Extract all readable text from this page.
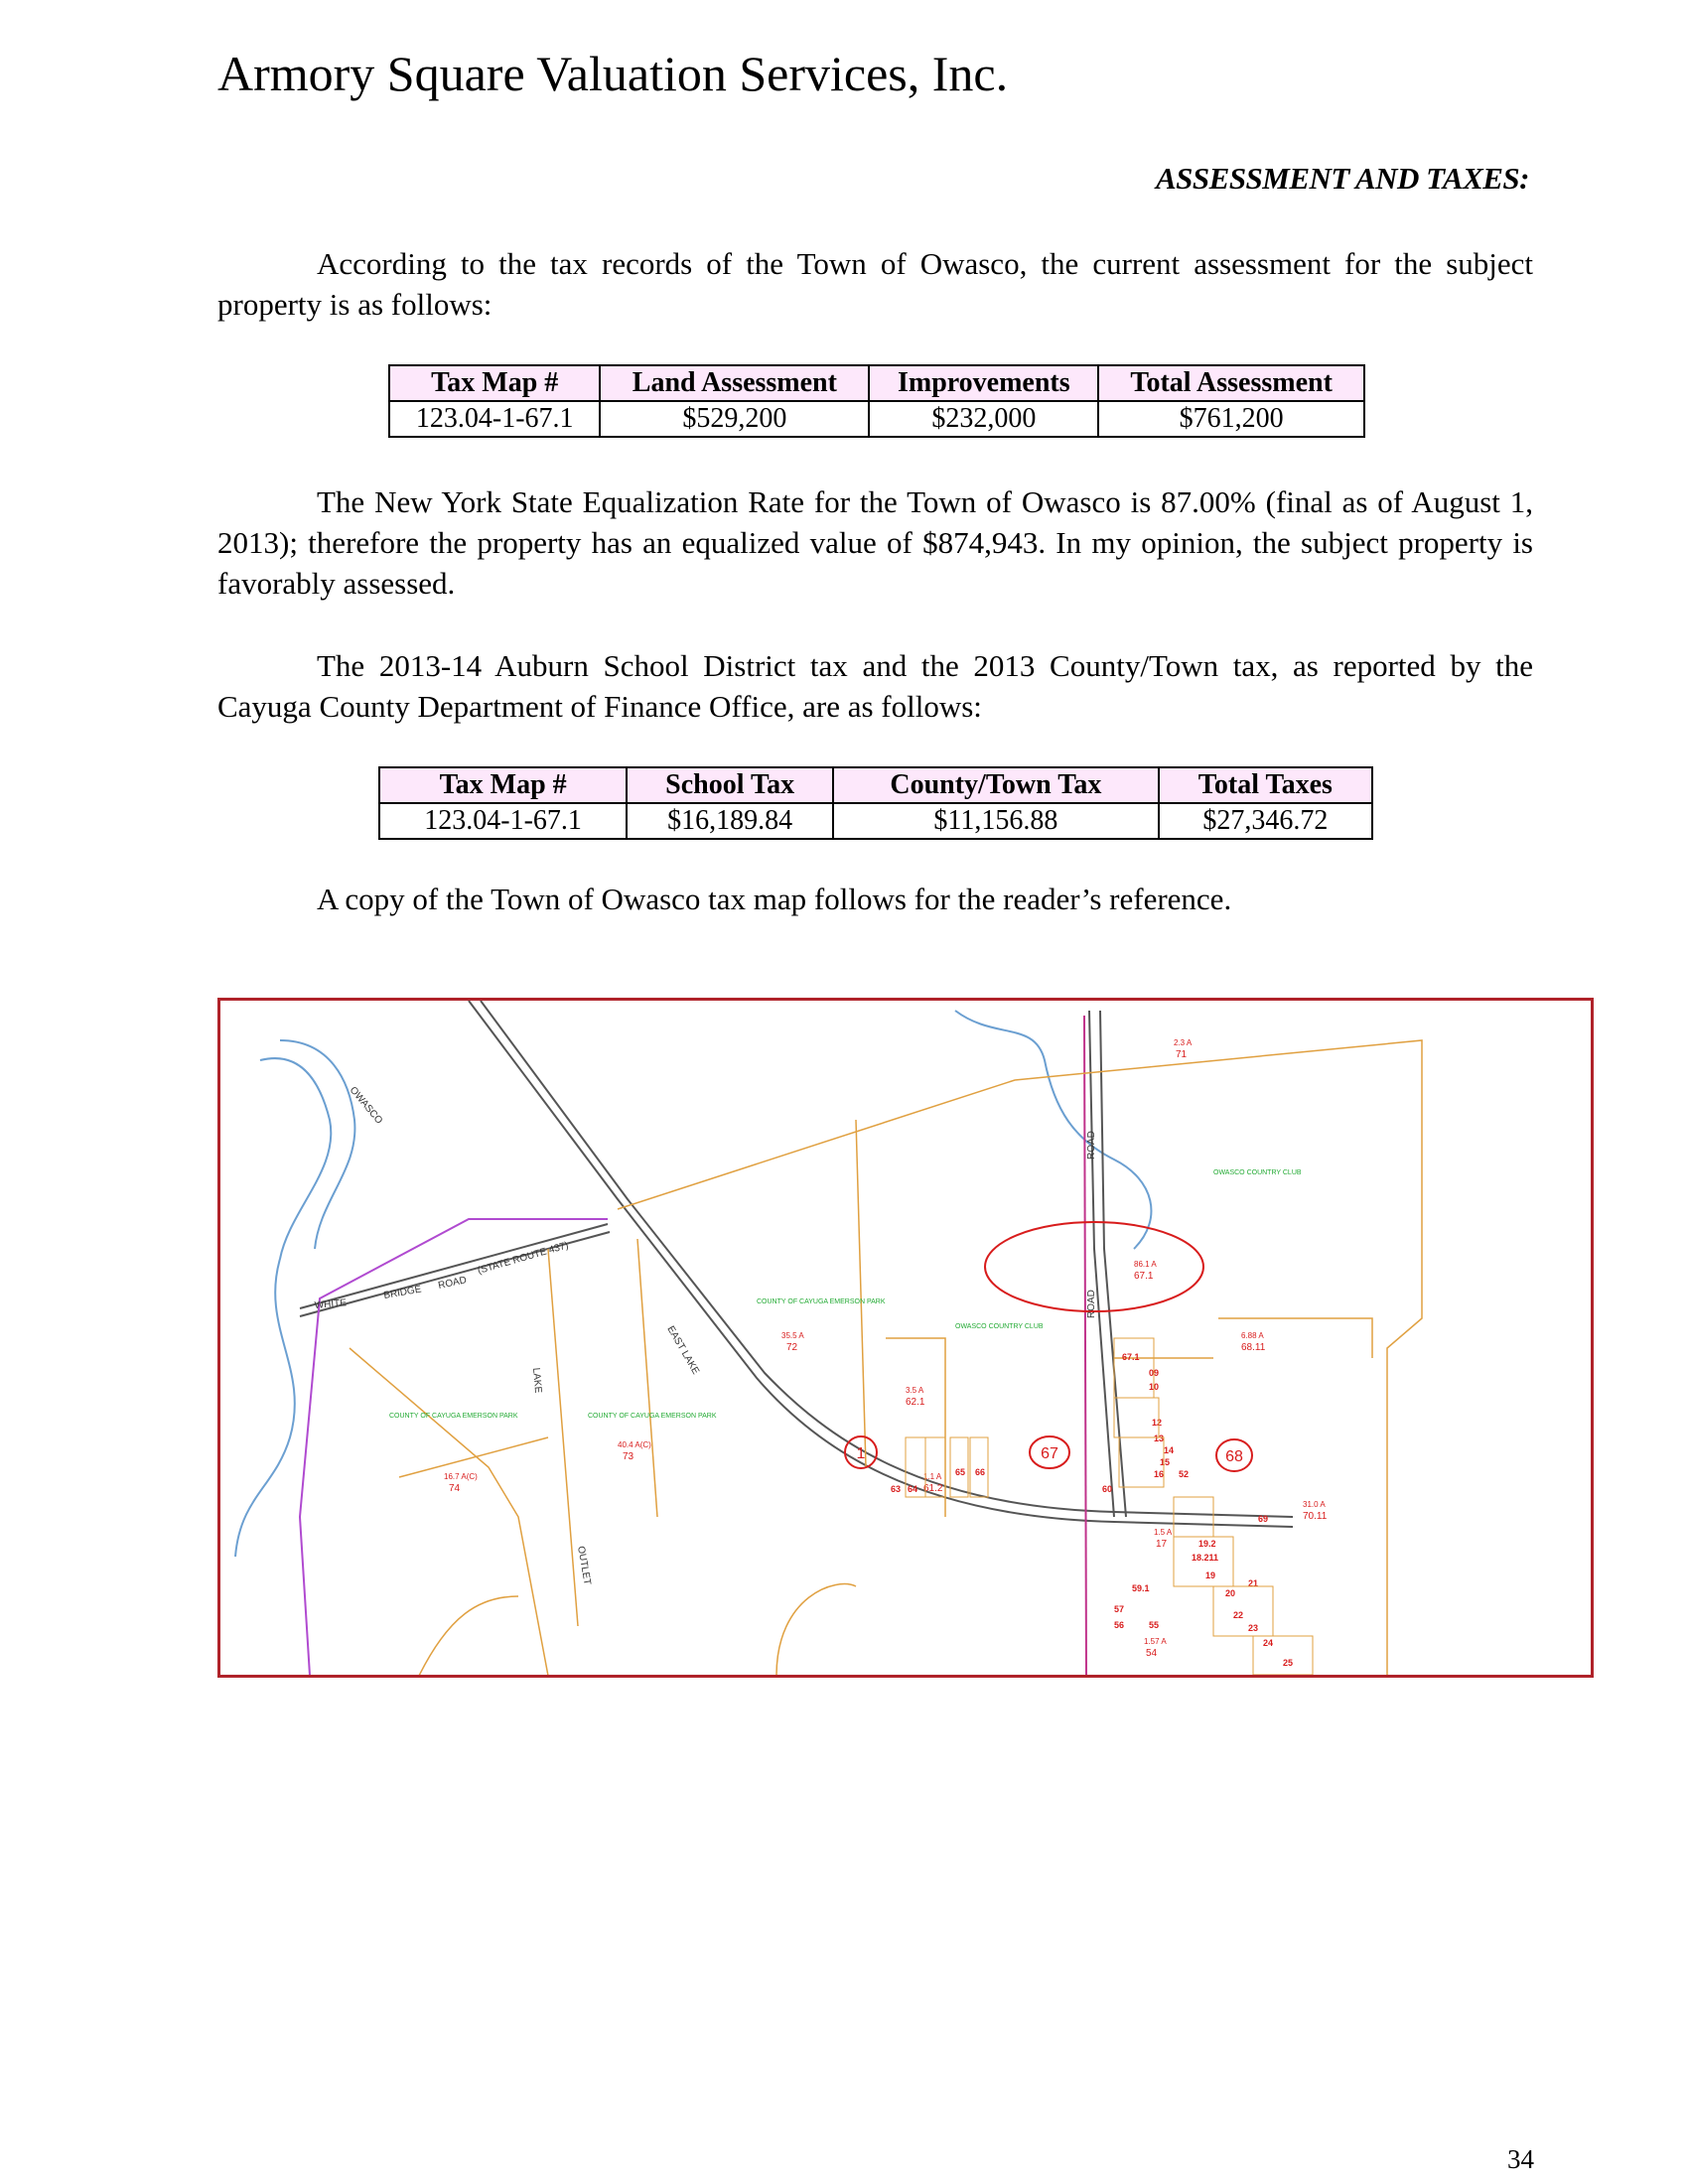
Armory Square Valuation Services, Inc.
ASSESSMENT AND TAXES:
According to the tax records of the Town of Owasco, the current assessment for the subject property is as follows:
Tax Map #	Land Assessment	Improvements	Total Assessment
123.04-1-67.1	$529,200	$232,000	$761,200
The New York State Equalization Rate for the Town of Owasco is 87.00% (final as of August 1, 2013); therefore the property has an equalized value of $874,943. In my opinion, the subject property is favorably assessed.
The 2013-14 Auburn School District tax and the 2013 County/Town tax, as reported by the Cayuga County Department of Finance Office, are as follows:
Tax Map #	School Tax	County/Town Tax	Total Taxes
123.04-1-67.1	$16,189.84	$11,156.88	$27,346.72
A copy of the Town of Owasco tax map follows for the reader’s reference.
1	67	68
(STATE ROUTE 437)
WHITE
BRIDGE
ROAD
LAKE
OUTLET
EAST LAKE
ROAD
OWASCO
ROAD
COUNTY OF CAYUGA EMERSON PARK	COUNTY OF CAYUGA EMERSON PARK
COUNTY OF CAYUGA EMERSON PARK
OWASCO COUNTRY CLUB
OWASCO COUNTRY CLUB
2.3 A
71
86.1 A
67.1
35.5 A
72
40.4 A(C)
73
16.7 A(C)
74
3.5 A
62.1
6.88 A
68.11
31.0 A
70.11
1.1 A
61.2
1.5 A
17
1.57 A
54
63 64
65 66
67.1
09
10
12
13
14
15
16 52
60
19.2
18.211
19
20
21
22
23
24
25
55
56
57
59.1
69
34
